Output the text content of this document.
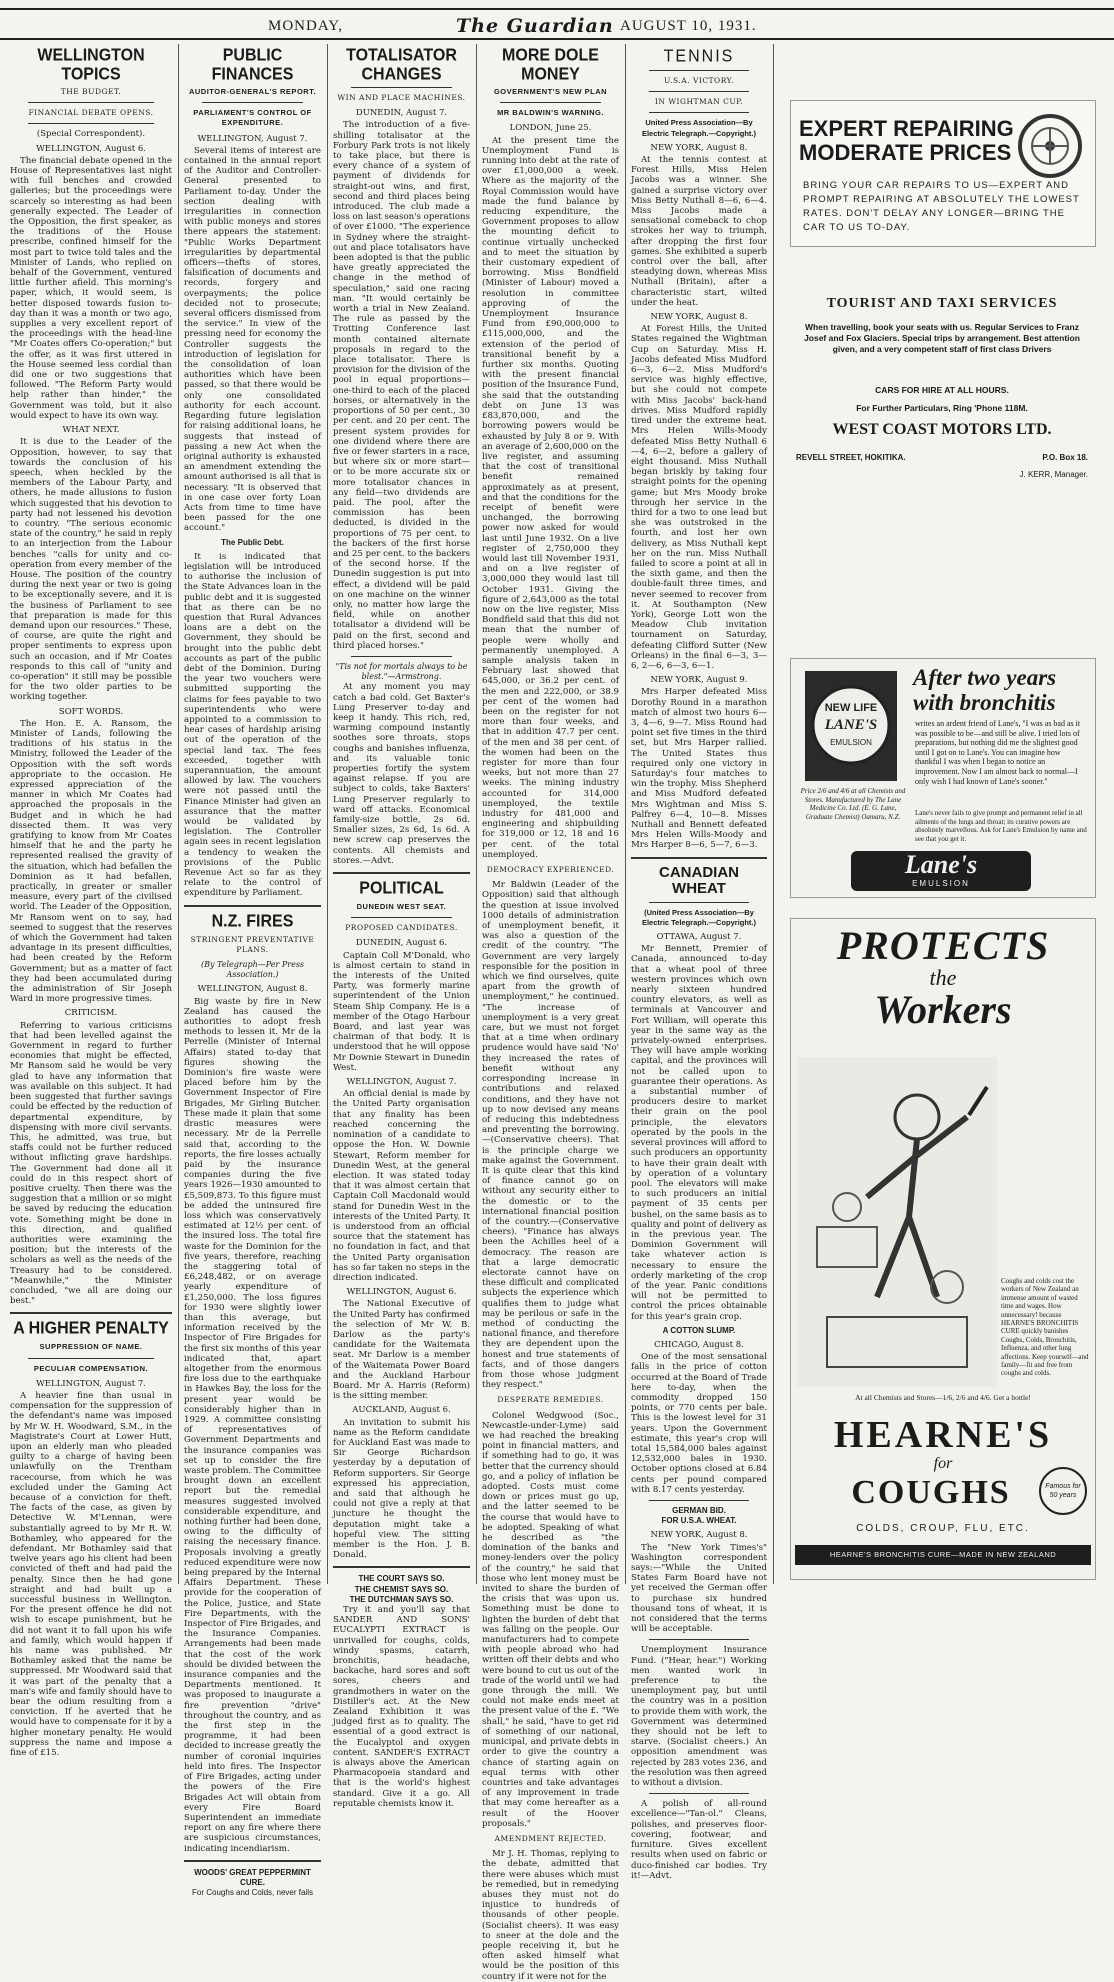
MONDAY,	The Guardian AUGUST 10, 1931.
WELLINGTON TOPICS
THE BUDGET.
FINANCIAL DEBATE OPENS.
(Special Correspondent).
WELLINGTON, August 6.

The financial debate opened in the House of Representatives last night with full benches and crowded galleries; but the proceedings were scarcely so interesting as had been generally expected. The Leader of the Opposition, the first speaker, as the traditions of the House prescribe, confined himself for the most part to twice told tales and the Minister of Lands, who replied on behalf of the Government, ventured little further afield. This morning's paper, which, it would seem, is better disposed towards fusion to-day than it was a month or two ago, supplies a very excellent report of the proceedings with the head-line "Mr Coates offers Co-operation;" but the offer, as it was first uttered in the House seemed less cordial than did one or two suggestions that followed. "The Reform Party would help rather than hinder," the Government was told, but it also would expect to have its own way.

WHAT NEXT.

It is due to the Leader of the Opposition, however, to say that towards the conclusion of his speech, when heckled by the members of the Labour Party, and others, he made allusions to fusion which suggested that his devotion to party had not lessened his devotion to country. "The serious economic state of the country," he said in reply to an interjection from the Labour benches "calls for unity and co-operation from every member of the House. The position of the country during the next year or two is going to be exceptionally severe, and it is the business of Parliament to see that preparation is made for this demand upon our resources." These, of course, are quite the right and proper sentiments to express upon such an occasion, and if Mr Coates responds to this call of "unity and co-operation" it still may be possible for the two older parties to be working together.

SOFT WORDS.

The Hon. E. A. Ransom, the Minister of Lands, following the traditions of his status in the Ministry, followed the Leader of the Opposition with the soft words appropriate to the occasion. He expressed appreciation of the manner in which Mr Coates had approached the proposals in the Budget and in which he had dissected them. It was very gratifying to know from Mr Coates himself that he and the party he represented realised the gravity of the situation, which had befallen the Dominion as it had befallen, practically, in greater or smaller measure, every part of the civilised world. The Leader of the Opposition, Mr Ransom went on to say, had seemed to suggest that the reserves of which the Government had taken advantage in its present difficulties, had been created by the Reform Government; but as a matter of fact they had been accumulated during the administration of Sir Joseph Ward in more progressive times.

CRITICISM.

Referring to various criticisms that had been levelled against the Government in regard to further economies that might be effected, Mr Ransom said he would be very glad to have any information that was available on this subject. It had been suggested that further savings could be effected by the reduction of departmental expenditure, by dispensing with more civil servants. This, he admitted, was true, but staffs could not be further reduced without inflicting grave hardships. The Government had done all it could do in this respect short of positive cruelty. Then there was the suggestion that a million or so might be saved by reducing the education vote. Something might be done in this direction, and qualified authorities were examining the position; but the interests of the scholars as well as the needs of the Treasury had to be considered. "Meanwhile," the Minister concluded, "we all are doing our best."

A HIGHER PENALTY
SUPPRESSION OF NAME.
PECULIAR COMPENSATION.
WELLINGTON, August 7.

A heavier fine than usual in compensation for the suppression of the defendant's name was imposed by Mr W. H. Woodward, S.M., in the Magistrate's Court at Lower Hutt, upon an elderly man who pleaded guilty to a charge of having been unlawfully on the Trentham racecourse, from which he was excluded under the Gaming Act because of a conviction for theft. The facts of the case, as given by Detective W. M'Lennan, were substantially agreed to by Mr R. W. Bothamley, who appeared for the defendant. Mr Bothamley said that twelve years ago his client had been convicted of theft and had paid the penalty. Since then he had gone straight and had built up a successful business in Wellington. For the present offence he did not wish to escape punishment, but he did not want it to fall upon his wife and family, which would happen if his name was published. Mr Bothamley asked that the name be suppressed. Mr Woodward said that it was part of the penalty that a man's wife and family should have to bear the odium resulting from a conviction. If he averted that he would have to compensate for it by a higher monetary penalty. He would suppress the name and impose a fine of £15.

PUBLIC FINANCES
AUDITOR-GENERAL'S REPORT.
PARLIAMENT'S CONTROL OF EXPENDITURE.
WELLINGTON, August 7.

Several items of interest are contained in the annual report of the Auditor and Controller-General presented to Parliament to-day. Under the section dealing with irregularities in connection with public moneys and stores there appears the statement: "Public Works Department irregularities by departmental officers—thefts of stores, falsification of documents and records, forgery and overpayments; the police decided not to prosecute; several officers dismissed from the service." In view of the pressing need for economy the Controller suggests the introduction of legislation for the consolidation of loan authorities which have been passed, so that there would be only one consolidated authority for each account. Regarding future legislation for raising additional loans, he suggests that instead of passing a new Act when the original authority is exhausted an amendment extending the amount authorised is all that is necessary. "It is observed that in one case over forty Loan Acts from time to time have been passed for the one account."

The Public Debt.

It is indicated that legislation will be introduced to authorise the inclusion of the State Advances loan in the public debt and it is suggested that as there can be no question that Rural Advances loans are a debt on the Government, they should be brought into the public debt accounts as part of the public debt of the Dominion. During the year two vouchers were submitted supporting the claims for fees payable to two superintendents who were appointed to a commission to hear cases of hardship arising out of the operation of the special land tax. The fees exceeded, together with superannuation, the amount allowed by law. The vouchers were not passed until the Finance Minister had given an assurance that the matter would be validated by legislation. The Controller again sees in recent legislation a tendency to weaken the provisions of the Public Revenue Act so far as they relate to the control of expenditure by Parliament.

N.Z. FIRES
STRINGENT PREVENTATIVE PLANS.
(By Telegraph—Per Press Association.)
WELLINGTON, August 8.

Big waste by fire in New Zealand has caused the authorities to adopt fresh methods to lessen it. Mr de la Perrelle (Minister of Internal Affairs) stated to-day that figures showing the Dominion's fire waste were placed before him by the Government Inspector of Fire Brigades, Mr Girling Butcher. These made it plain that some drastic measures were necessary. Mr de la Perrelle said that, according to the reports, the fire losses actually paid by the insurance companies during the five years 1926—1930 amounted to £5,509,873. To this figure must be added the uninsured fire loss which was conservatively estimated at 12½ per cent. of the insured loss. The total fire waste for the Dominion for the five years, therefore, reaching the staggering total of £6,248,482, or on average yearly expenditure of £1,250,000. The loss figures for 1930 were slightly lower than this average, but information received by the Inspector of Fire Brigades for the first six months of this year indicated that, apart altogether from the enormous fire loss due to the earthquake in Hawkes Bay, the loss for the present year would be considerably higher than in 1929. A committee consisting of representatives of Government Departments and the insurance companies was set up to consider the fire waste problem. The Committee brought down an excellent report but the remedial measures suggested involved considerable expenditure, and nothing further had been done, owing to the difficulty of raising the necessary finance. Proposals involving a greatly reduced expenditure were now being prepared by the Internal Affairs Department. These provide for the cooperation of the Police, Justice, and State Fire Departments, with the Inspector of Fire Brigades, and the Insurance Companies. Arrangements had been made that the cost of the work should be divided between the insurance companies and the Departments mentioned. It was proposed to inaugurate a fire prevention "drive" throughout the country, and as the first step in the programme, it had been decided to increase greatly the number of coronial inquiries held into fires. The Inspector of Fire Brigades, acting under the powers of the Fire Brigades Act will obtain from every Fire Board Superintendent an immediate report on any fire where there are suspicious circumstances, indicating incendiarism.

WOODS' GREAT PEPPERMINT CURE.
For Coughs and Colds, never fails
TOTALISATOR CHANGES
WIN AND PLACE MACHINES.
DUNEDIN, August 7.

The introduction of a five-shilling totalisator at the Forbury Park trots is not likely to take place, but there is every chance of a system of payment of dividends for straight-out wins, and first, second and third places being introduced. The club made a loss on last season's operations of over £1000. "The experience in Sydney where the straight-out and place totalisators have been adopted is that the public have greatly appreciated the change in the method of speculation," said one racing man. "It would certainly be worth a trial in New Zealand. The rule as passed by the Trotting Conference last month contained alternate proposals in regard to the place totalisator. There is provision for the division of the pool in equal proportions—one-third to each of the placed horses, or alternatively in the proportions of 50 per cent., 30 per cent. and 20 per cent. The present system provides for one dividend where there are five or fewer starters in a race, but where six or more start—or to be more accurate six or more totalisator chances in any field—two dividends are paid. The pool, after the commission has been deducted, is divided in the proportions of 75 per cent. to the backers of the first horse and 25 per cent. to the backers of the second horse. If the Dunedin suggestion is put into effect, a dividend will be paid on one machine on the winner only, no matter how large the field, while on another totalisator a dividend will be paid on the first, second and third placed horses."

"Tis not for mortals always to be blest."—Armstrong.

At any moment you may catch a bad cold. Get Baxter's Lung Preserver to-day and keep it handy. This rich, red, warming compound instantly soothes sore throats, stops coughs and banishes influenza, and its valuable tonic properties fortify the system against relapse. If you are subject to colds, take Baxters' Lung Preserver regularly to ward off attacks. Economical family-size bottle, 2s 6d. Smaller sizes, 2s 6d, 1s 6d. A new screw cap preserves the contents. All chemists and stores.—Advt.

POLITICAL
DUNEDIN WEST SEAT.
PROPOSED CANDIDATES.
DUNEDIN, August 6.

Captain Coll M'Donald, who is almost certain to stand in the interests of the United Party, was formerly marine superintendent of the Union Steam Ship Company. He is a member of the Otago Harbour Board, and last year was chairman of that body. It is understood that he will oppose Mr Downie Stewart in Dunedin West.

WELLINGTON, August 7.

An official denial is made by the United Party organisation that any finality has been reached concerning the nomination of a candidate to oppose the Hon. W. Downie Stewart, Reform member for Dunedin West, at the general election. It was stated today that it was almost certain that Captain Coll Macdonald would stand for Dunedin West in the interests of the United Party. It is understood from an official source that the statement has no foundation in fact, and that the United Party organisation has so far taken no steps in the direction indicated.

WELLINGTON, August 6.

The National Executive of the United Party has confirmed the selection of Mr W. B. Darlow as the party's candidate for the Waitemata seat. Mr Darlow is a member of the Waitemata Power Board and the Auckland Harbour Board. Mr A. Harris (Reform) is the sitting member.

AUCKLAND, August 6.

An invitation to submit his name as the Reform candidate for Auckland East was made to Sir George Richardson yesterday by a deputation of Reform supporters. Sir George expressed his appreciation, and said that although he could not give a reply at that juncture he thought the deputation might take a hopeful view. The sitting member is the Hon. J. B. Donald.

THE COURT SAYS SO.
THE CHEMIST SAYS SO.
THE DUTCHMAN SAYS SO.

Try it and you'll say that SANDER AND SONS' EUCALYPTI EXTRACT is unrivalled for coughs, colds, windy spasms, catarrh, bronchitis, headache, backache, hard sores and soft sores, cheers and grandmothers in water on the Distiller's act. At the New Zealand Exhibition it was judged first as to quality. The essential of a good extract is the Eucalyptol and oxygen content. SANDER'S EXTRACT is always above the American Pharmacopoeia standard and that is the world's highest standard. Give it a go. All reputable chemists know it.

MORE DOLE MONEY
GOVERNMENT'S NEW PLAN
MR BALDWIN'S WARNING.
LONDON, June 25.

At the present time the Unemployment Fund is running into debt at the rate of over £1,000,000 a week. Where as the majority of the Royal Commission would have made the fund balance by reducing expenditure, the Government proposes to allow the mounting deficit to continue virtually unchecked and to meet the situation by their customary expedient of borrowing. Miss Bondfield (Minister of Labour) moved a resolution in committee approving of the Unemployment Insurance Fund from £90,000,000 to £115,000,000, and the extension of the period of transitional benefit by a further six months. Quoting with the present financial position of the Insurance Fund, she said that the outstanding debt on June 13 was £83,870,000, and the borrowing powers would be exhausted by July 8 or 9. With an average of 2,600,000 on the live register, and assuming that the cost of transitional benefit remained approximately as at present, and that the conditions for the receipt of benefit were unchanged, the borrowing power now asked for would last until June 1932. On a live register of 2,750,000 they would last till November 1931, and on a live register of 3,000,000 they would last till October 1931. Giving the figure of 2,643,000 as the total now on the live register, Miss Bondfield said that this did not mean that the number of people were wholly and permanently unemployed. A sample analysis taken in February last showed that 645,000, or 36.2 per cent. of the men and 222,000, or 38.9 per cent of the women had been on the register for not more than four weeks, and that in addition 47.7 per cent. of the men and 38 per cent. of the women had been on the register for more than four weeks, but not more than 27 weeks. The mining industry accounted for 314,000 unemployed, the textile industry for 481,000 and engineering and shipbuilding for 319,000 or 12, 18 and 16 per cent. of the total unemployed.

DEMOCRACY EXPERIENCED.

Mr Baldwin (Leader of the Opposition) said that although the question at issue involved 1000 details of administration of unemployment benefit, it was also a question of the credit of the country. "The Government are very largely responsible for the position in which we find ourselves, quite apart from the growth of unemployment," he continued. "The increase of unemployment is a very great care, but we must not forget that at a time when ordinary prudence would have said 'No' they increased the rates of benefit without any corresponding increase in contributions and relaxed conditions, and they have not up to now devised any means of reducing this indebtedness and preventing the borrowing.—(Conservative cheers). That is the principle charge we make against the Government. It is quite clear that this kind of finance cannot go on without any security either to the domestic or to the international financial position of the country.—(Conservative cheers). "Finance has always been the Achilles heel of a democracy. The reason are that a large democratic electorate cannot have on these difficult and complicated subjects the experience which qualifies them to judge what may be perilous or safe in the method of conducting the national finance, and therefore they are dependent upon the honest and true statements of facts, and of those dangers from those whose judgment they respect."

DESPERATE REMEDIES.

Colonel Wedgwood (Soc., Newcastle-under-Lyme) said we had reached the breaking point in financial matters, and if something had to go, it was better that the currency should go, and a policy of inflation be adopted. Costs must come down or prices must go up, and the latter seemed to be the course that would have to be adopted. Speaking of what he described as "the domination of the banks and money-lenders over the policy of the country," he said that those who lent money must be invited to share the burden of the crisis that was upon us. Something must be done to lighten the burden of debt that was falling on the people. Our manufacturers had to compete with people abroad who had written off their debts and who were bound to cut us out of the trade of the world until we had gone through the mill. We could not make ends meet at the present value of the £. "We shall," he said, "have to get rid of something of our national, municipal, and private debts in order to give the country a chance of starting again on equal terms with other countries and take advantages of any improvement in trade that may come hereafter as a result of the Hoover proposals."

AMENDMENT REJECTED.

Mr J. H. Thomas, replying to the debate, admitted that there were abuses which must be remedied, but in remedying abuses they must not do injustice to hundreds of thousands of other people. (Socialist cheers). It was easy to sneer at the dole and the people receiving it, but he often asked himself what would be the position of this country if it were not for the

TENNIS
U.S.A. VICTORY.
IN WIGHTMAN CUP.
United Press Association—By Electric Telegraph.—Copyright.)
NEW YORK, August 8.

At the tennis contest at Forest Hills, Miss Helen Jacobs was a winner. She gained a surprise victory over Miss Betty Nuthall 8—6, 6—4. Miss Jacobs made a sensational comeback to chop strokes her way to triumph, after dropping the first four games. She exhibited a superb control over the ball, after steadying down, whereas Miss Nuthall (Britain), after a characteristic start, wilted under the heat.

NEW YORK, August 8.

At Forest Hills, the United States regained the Wightman Cup on Saturday. Miss H. Jacobs defeated Miss Mudford 6—3, 6—2. Miss Mudford's service was highly effective, but she could not compete with Miss Jacobs' back-hand drives. Miss Mudford rapidly tired under the extreme heat. Mrs Helen Wills-Moody defeated Miss Betty Nuthall 6—4, 6—2, before a gallery of eight thousand. Miss Nuthall began briskly by taking four straight points for the opening game; but Mrs Moody broke through her service in the third for a two to one lead but she was outstroked in the fourth, and lost her own delivery, as Miss Nuthall kept her on the run. Miss Nuthall failed to score a point at all in the sixth game, and then the double-fault three times, and never seemed to recover from it. At Southampton (New York), George Lott won the Meadow Club invitation tournament on Saturday, defeating Clifford Sutter (New Orleans) in the final 6—3, 3—6, 2—6, 6—3, 6—1.

NEW YORK, August 9.

Mrs Harper defeated Miss Dorothy Round in a marathon match of almost two hours 6—3, 4—6, 9—7. Miss Round had point set five times in the third set, but Mrs Harper rallied. The United States thus required only one victory in Saturday's four matches to win the trophy. Miss Shepherd and Miss Mudford defeated Mrs Wightman and Miss S. Palfrey 6—4, 10—8. Misses Nuthall and Bennett defeated Mrs Helen Wills-Moody and Mrs Harper 8—6, 5—7, 6—3.

CANADIAN WHEAT
(United Press Association—By Electric Telegraph.—Copyright.)
OTTAWA, August 7.

Mr Bennett, Premier of Canada, announced to-day that a wheat pool of three western provinces which own nearly sixteen hundred country elevators, as well as terminals at Vancouver and Fort William, will operate this year in the same way as the privately-owned enterprises. They will have ample working capital, and the provinces will not be called upon to guarantee their operations. As a substantial number of producers desire to market their grain on the pool principle, the elevators operated by the pools in the several provinces will afford to such producers an opportunity to have their grain dealt with by operation of a voluntary pool. The elevators will make to such producers an initial payment of 35 cents per bushel, on the same basis as to quality and point of delivery as in the previous year. The Dominion Government will take whatever action is necessary to ensure the orderly marketing of the crop of the year. Panic conditions will not be permitted to control the prices obtainable for this year's grain crop.

A COTTON SLUMP.
CHICAGO, August 8.

One of the most sensational falls in the price of cotton occurred at the Board of Trade here to-day, when the commodity dropped 150 points, or 770 cents per bale. This is the lowest level for 31 years. Upon the Government estimate, this year's crop will total 15,584,000 bales against 12,532,000 bales in 1930. October options closed at 6.84 cents per pound compared with 8.17 cents yesterday.

GERMAN BID.
FOR U.S.A. WHEAT.
NEW YORK, August 8.

The "New York Times's" Washington correspondent says:—"While the United States Farm Board have not yet received the German offer to purchase six hundred thousand tons of wheat, it is not considered that the terms will be acceptable.

Unemployment Insurance Fund. ("Hear, hear.") Working men wanted work in preference to the unemployment pay, but until the country was in a position to provide them with work, the Government was determined they should not be left to starve. (Socialist cheers.) An opposition amendment was rejected by 283 votes 236, and the resolution was then agreed to without a division.

A polish of all-round excellence—"Tan-ol." Cleans, polishes, and preserves floor-covering, footwear, and furniture. Gives excellent results when used on fabric or duco-finished car bodies. Try it!—Advt.

EXPERT REPAIRING
MODERATE PRICES
BRING YOUR CAR REPAIRS TO US—EXPERT AND PROMPT REPAIRING AT ABSOLUTELY THE LOWEST RATES. DON'T DELAY ANY LONGER—BRING THE CAR TO US TO-DAY.
TOURIST AND TAXI SERVICES
When travelling, book your seats with us. Regular Services to Franz Josef and Fox Glaciers. Special trips by arrangement. Best attention given, and a very competent staff of first class Drivers
CARS FOR HIRE AT ALL HOURS.
For Further Particulars, Ring 'Phone 118M.
WEST COAST MOTORS LTD.
REVELL STREET, HOKITIKA.	P.O. Box 18.
J. KERR, Manager.
NEW LIFE
LANE'S
EMULSION
After two years
with bronchitis
writes an ardent friend of Lane's, "I was as bad as it was possible to be—and still be alive. I tried lots of preparations, but nothing did me the slightest good until I got on to Lane's. You can imagine how thankful I was when I began to notice an improvement. Now I am almost back to normal—I only wish I had known of Lane's sooner."
Price 2/6 and 4/6 at all Chemists and Stores. Manufactured by The Lane Medicine Co. Ltd. (E. G. Lane, Graduate Chemist) Oamaru, N.Z.	Lane's never fails to give prompt and permanent relief in all ailments of the lungs and throat; its curative powers are absolutely marvellous. Ask for Lane's Emulsion by name and see that you get it.
Lane's
EMULSION
PROTECTS
the
Workers
Coughs and colds cost the workers of New Zealand an immense amount of wasted time and wages. How unnecessary! because HEARNE'S BRONCHITIS CURE quickly banishes Coughs, Colds, Bronchitis, Influenza, and other lung affections. Keep yourself—and family—fit and free from coughs and colds.
At all Chemists and Stores—1/6, 2/6 and 4/6. Get a bottle!
HEARNE'S
for
COUGHS	Famous for 50 years
COLDS, CROUP, FLU, ETC.
HEARNE'S BRONCHITIS CURE—MADE IN NEW ZEALAND
